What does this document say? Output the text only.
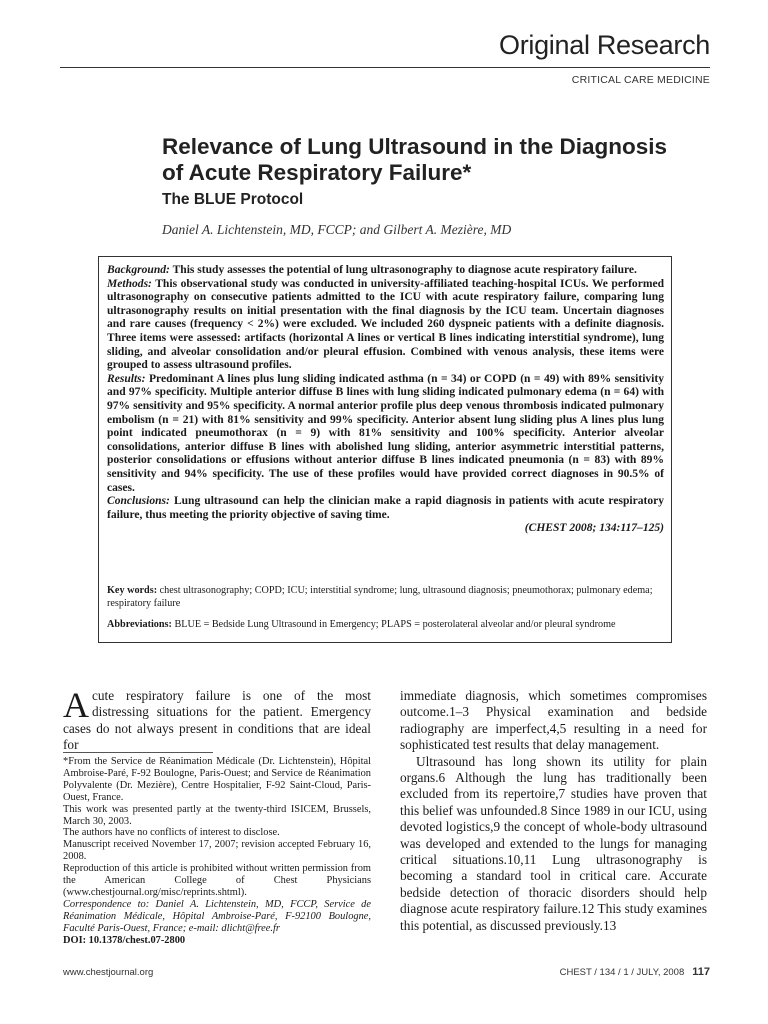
Original Research
CRITICAL CARE MEDICINE
Relevance of Lung Ultrasound in the Diagnosis of Acute Respiratory Failure*
The BLUE Protocol
Daniel A. Lichtenstein, MD, FCCP; and Gilbert A. Mezière, MD

Background: This study assesses the potential of lung ultrasonography to diagnose acute respiratory failure.

Methods: This observational study was conducted in university-affiliated teaching-hospital ICUs. We performed ultrasonography on consecutive patients admitted to the ICU with acute respiratory failure, comparing lung ultrasonography results on initial presentation with the final diagnosis by the ICU team. Uncertain diagnoses and rare causes (frequency < 2%) were excluded. We included 260 dyspneic patients with a definite diagnosis. Three items were assessed: artifacts (horizontal A lines or vertical B lines indicating interstitial syndrome), lung sliding, and alveolar consolidation and/or pleural effusion. Combined with venous analysis, these items were grouped to assess ultrasound profiles.

Results: Predominant A lines plus lung sliding indicated asthma (n = 34) or COPD (n = 49) with 89% sensitivity and 97% specificity. Multiple anterior diffuse B lines with lung sliding indicated pulmonary edema (n = 64) with 97% sensitivity and 95% specificity. A normal anterior profile plus deep venous thrombosis indicated pulmonary embolism (n = 21) with 81% sensitivity and 99% specificity. Anterior absent lung sliding plus A lines plus lung point indicated pneumothorax (n = 9) with 81% sensitivity and 100% specificity. Anterior alveolar consolidations, anterior diffuse B lines with abolished lung sliding, anterior asymmetric interstitial patterns, posterior consolidations or effusions without anterior diffuse B lines indicated pneumonia (n = 83) with 89% sensitivity and 94% specificity. The use of these profiles would have provided correct diagnoses in 90.5% of cases.

Conclusions: Lung ultrasound can help the clinician make a rapid diagnosis in patients with acute respiratory failure, thus meeting the priority objective of saving time.

(CHEST 2008; 134:117–125)

Key words: chest ultrasonography; COPD; ICU; interstitial syndrome; lung, ultrasound diagnosis; pneumothorax; pulmonary edema; respiratory failure
Abbreviations: BLUE = Bedside Lung Ultrasound in Emergency; PLAPS = posterolateral alveolar and/or pleural syndrome
Acute respiratory failure is one of the most distressing situations for the patient. Emergency cases do not always present in conditions that are ideal for

*From the Service de Réanimation Médicale (Dr. Lichtenstein), Hôpital Ambroise-Paré, F-92 Boulogne, Paris-Ouest; and Service de Réanimation Polyvalente (Dr. Mezière), Centre Hospitalier, F-92 Saint-Cloud, Paris-Ouest, France.

This work was presented partly at the twenty-third ISICEM, Brussels, March 30, 2003.

The authors have no conflicts of interest to disclose.

Manuscript received November 17, 2007; revision accepted February 16, 2008.

Reproduction of this article is prohibited without written permission from the American College of Chest Physicians (www.chestjournal.org/misc/reprints.shtml).

Correspondence to: Daniel A. Lichtenstein, MD, FCCP, Service de Réanimation Médicale, Hôpital Ambroise-Paré, F-92100 Boulogne, Faculté Paris-Ouest, France; e-mail: dlicht@free.fr

DOI: 10.1378/chest.07-2800

immediate diagnosis, which sometimes compromises outcome.1–3 Physical examination and bedside radiography are imperfect,4,5 resulting in a need for sophisticated test results that delay management.

Ultrasound has long shown its utility for plain organs.6 Although the lung has traditionally been excluded from its repertoire,7 studies have proven that this belief was unfounded.8 Since 1989 in our ICU, using devoted logistics,9 the concept of whole-body ultrasound was developed and extended to the lungs for managing critical situations.10,11 Lung ultrasonography is becoming a standard tool in critical care. Accurate bedside detection of thoracic disorders should help diagnose acute respiratory failure.12 This study examines this potential, as discussed previously.13

www.chestjournal.org	CHEST / 134 / 1 / JULY, 2008 117
